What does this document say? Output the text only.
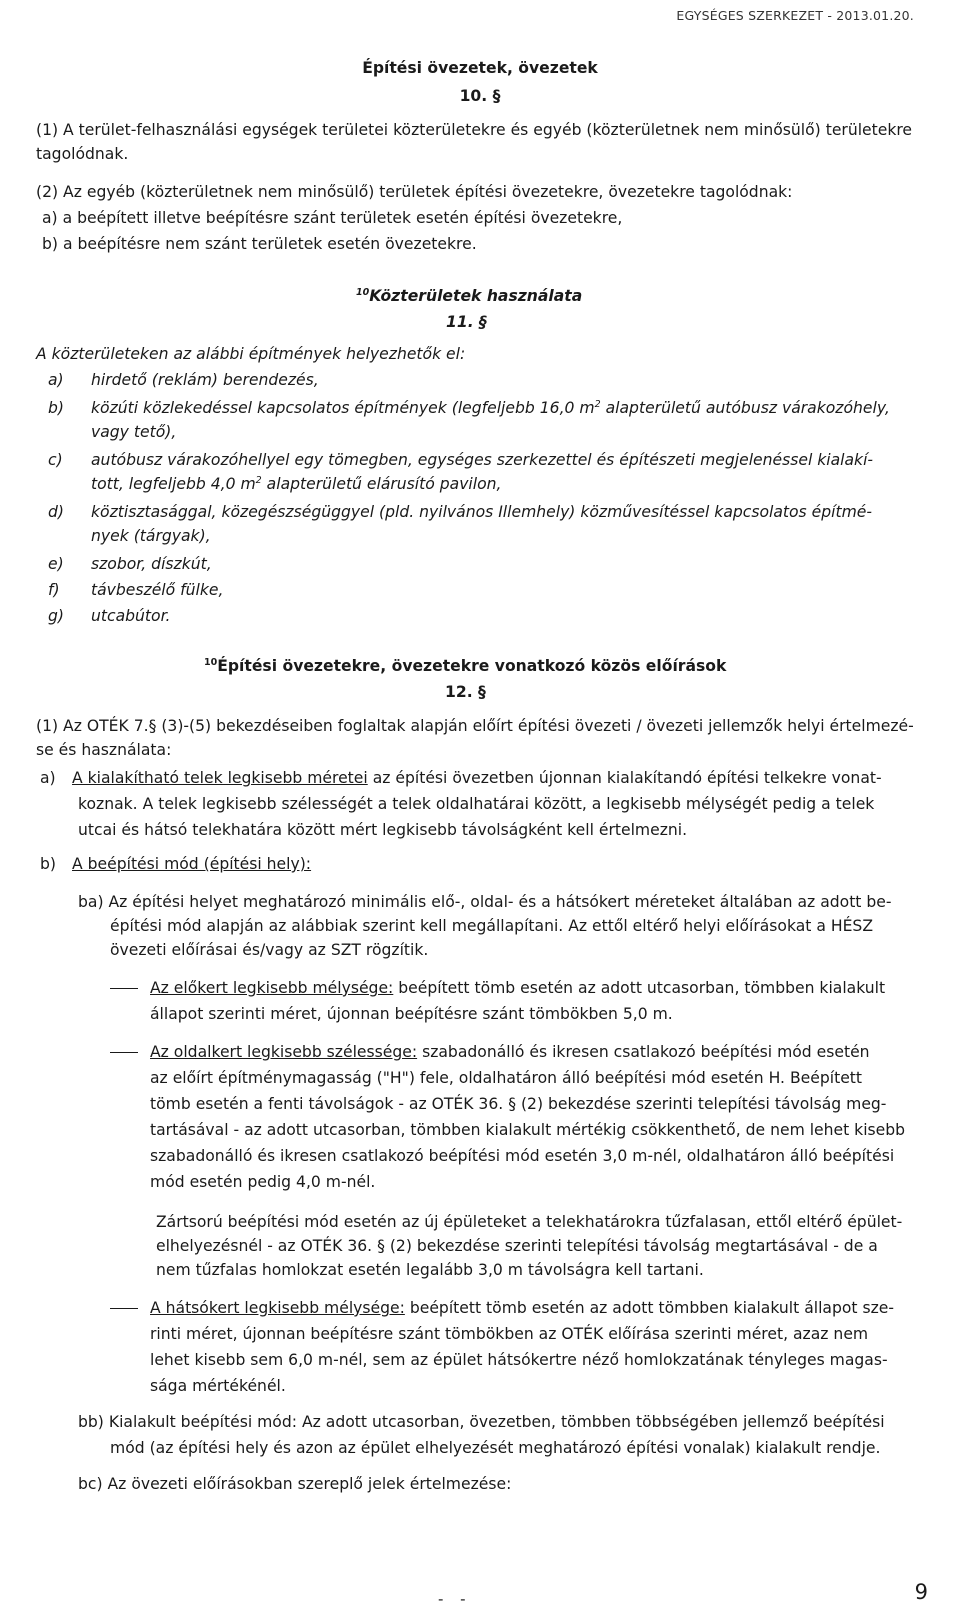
EGYSÉGES SZERKEZET - 2013.01.20.
Építési övezetek, övezetek
10. §
(1) A terület-felhasználási egységek területei közterületekre és egyéb (közterületnek nem minősülő) területekre
tagolódnak.
(2) Az egyéb (közterületnek nem minősülő) területek építési övezetekre, övezetekre tagolódnak:
a) a beépített illetve beépítésre szánt területek esetén építési övezetekre,
b) a beépítésre nem szánt területek esetén övezetekre.
$^{10}$Közterületek használata
11. §
A közterületeken az alábbi építmények helyezhetők el:
a) hirdető (reklám) berendezés,
b) közúti közlekedéssel kapcsolatos építmények (legfeljebb 16,0 $m^2$ alapterületű autóbusz várakozóhely,
vagy tető),
c) autóbusz várakozóhellyel egy tömegben, egységes szerkezettel és építészeti megjelenéssel kialakí-
tott, legfeljebb 4,0 $m^2$ alapterületű elárusító pavilon,
d) köztisztasággal, közegészségüggyel (pld. nyilvános Illemhely) közművesítéssel kapcsolatos építmé-
nyek (tárgyak),
e) szobor, díszkút,
f) távbeszélő fülke,
g) utcabútor.
$^{10}$Építési övezetekre, övezetekre vonatkozó közös előírások
12. §
(1) Az OTÉK 7.§ (3)-(5) bekezdéseiben foglaltak alapján előírt építési övezeti / övezeti jellemzők helyi értelmezé-
se és használata:
a) A kialakítható telek legkisebb méretei az építési övezetben újonnan kialakítandó építési telkekre vonat-
koznak. A telek legkisebb szélességét a telek oldalhatárai között, a legkisebb mélységét pedig a telek
utcai és hátsó telekhatára között mért legkisebb távolságként kell értelmezni.
b) A beépítési mód (építési hely):
ba) Az építési helyet meghatározó minimális elő-, oldal- és a hátsókert méreteket általában az adott be-
építési mód alapján az alábbiak szerint kell megállapítani. Az ettől eltérő helyi előírásokat a HÉSZ
övezeti előírásai és/vagy az SZT rögzítik.
Az előkert legkisebb mélysége: beépített tömb esetén az adott utcasorban, tömbben kialakult
állapot szerinti méret, újonnan beépítésre szánt tömbökben 5,0 m.
Az oldalkert legkisebb szélessége: szabadonálló és ikresen csatlakozó beépítési mód esetén
az előírt építménymagasság ("H") fele, oldalhatáron álló beépítési mód esetén H. Beépített
tömb esetén a fenti távolságok - az OTÉK 36. § (2) bekezdése szerinti telepítési távolság meg-
tartásával - az adott utcasorban, tömbben kialakult mértékig csökkenthető, de nem lehet kisebb
szabadonálló és ikresen csatlakozó beépítési mód esetén 3,0 m-nél, oldalhatáron álló beépítési
mód esetén pedig 4,0 m-nél.
Zártsorú beépítési mód esetén az új épületeket a telekhatárokra tűzfalasan, ettől eltérő épület-
elhelyezésnél - az OTÉK 36. § (2) bekezdése szerinti telepítési távolság megtartásával - de a
nem tűzfalas homlokzat esetén legalább 3,0 m távolságra kell tartani.
A hátsókert legkisebb mélysége: beépített tömb esetén az adott tömbben kialakult állapot sze-
rinti méret, újonnan beépítésre szánt tömbökben az OTÉK előírása szerinti méret, azaz nem
lehet kisebb sem 6,0 m-nél, sem az épület hátsókertre néző homlokzatának tényleges magas-
sága mértékénél.
bb) Kialakult beépítési mód: Az adott utcasorban, övezetben, tömbben többségében jellemző beépítési
mód (az építési hely és azon az épület elhelyezését meghatározó építési vonalak) kialakult rendje.
bc) Az övezeti előírásokban szereplő jelek értelmezése:
- -	9
